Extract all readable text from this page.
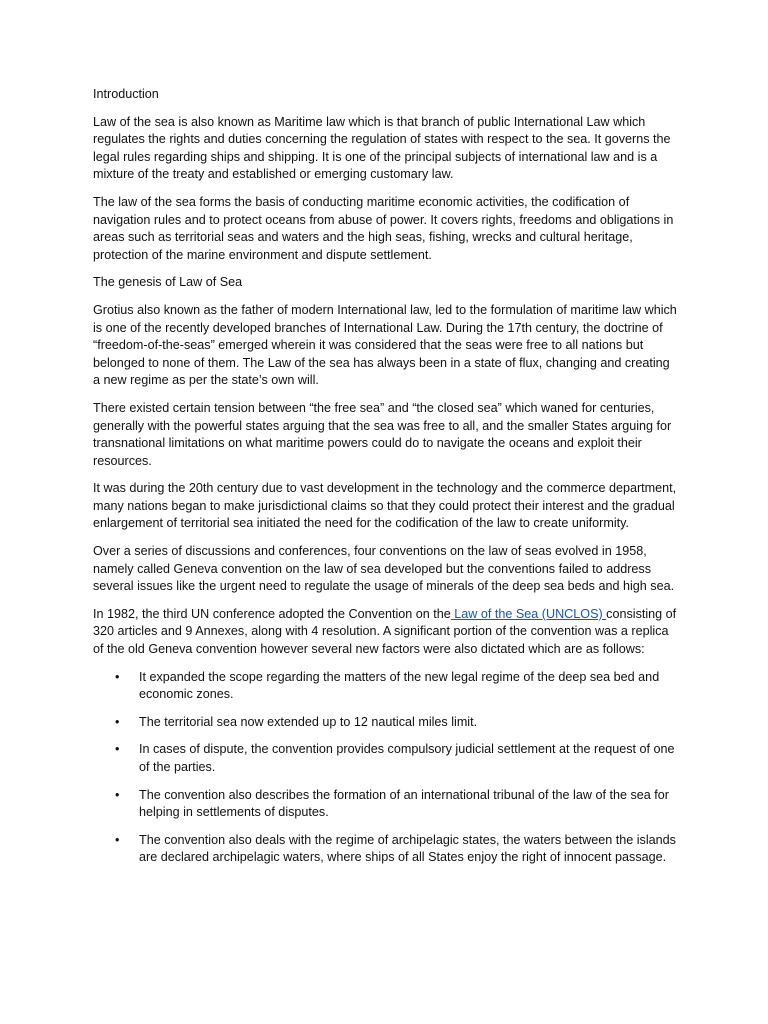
Introduction

Law of the sea is also known as Maritime law which is that branch of public International Law which regulates the rights and duties concerning the regulation of states with respect to the sea. It governs the legal rules regarding ships and shipping. It is one of the principal subjects of international law and is a mixture of the treaty and established or emerging customary law.

The law of the sea forms the basis of conducting maritime economic activities, the codification of navigation rules and to protect oceans from abuse of power. It covers rights, freedoms and obligations in areas such as territorial seas and waters and the high seas, fishing, wrecks and cultural heritage, protection of the marine environment and dispute settlement.

The genesis of Law of Sea

Grotius also known as the father of modern International law, led to the formulation of maritime law which is one of the recently developed branches of International Law. During the 17th century, the doctrine of “freedom-of-the-seas” emerged wherein it was considered that the seas were free to all nations but belonged to none of them. The Law of the sea has always been in a state of flux, changing and creating a new regime as per the state’s own will.

There existed certain tension between “the free sea” and “the closed sea” which waned for centuries, generally with the powerful states arguing that the sea was free to all, and the smaller States arguing for transnational limitations on what maritime powers could do to navigate the oceans and exploit their resources.

It was during the 20th century due to vast development in the technology and the commerce department, many nations began to make jurisdictional claims so that they could protect their interest and the gradual enlargement of territorial sea initiated the need for the codification of the law to create uniformity.

Over a series of discussions and conferences, four conventions on the law of seas evolved in 1958, namely called Geneva convention on the law of sea developed but the conventions failed to address several issues like the urgent need to regulate the usage of minerals of the deep sea beds and high sea.

In 1982, the third UN conference adopted the Convention on the Law of the Sea (UNCLOS) consisting of 320 articles and 9 Annexes, along with 4 resolution. A significant portion of the convention was a replica of the old Geneva convention however several new factors were also dictated which are as follows:

• It expanded the scope regarding the matters of the new legal regime of the deep sea bed and economic zones.
• The territorial sea now extended up to 12 nautical miles limit.
• In cases of dispute, the convention provides compulsory judicial settlement at the request of one of the parties.
• The convention also describes the formation of an international tribunal of the law of the sea for helping in settlements of disputes.
• The convention also deals with the regime of archipelagic states, the waters between the islands are declared archipelagic waters, where ships of all States enjoy the right of innocent passage.
